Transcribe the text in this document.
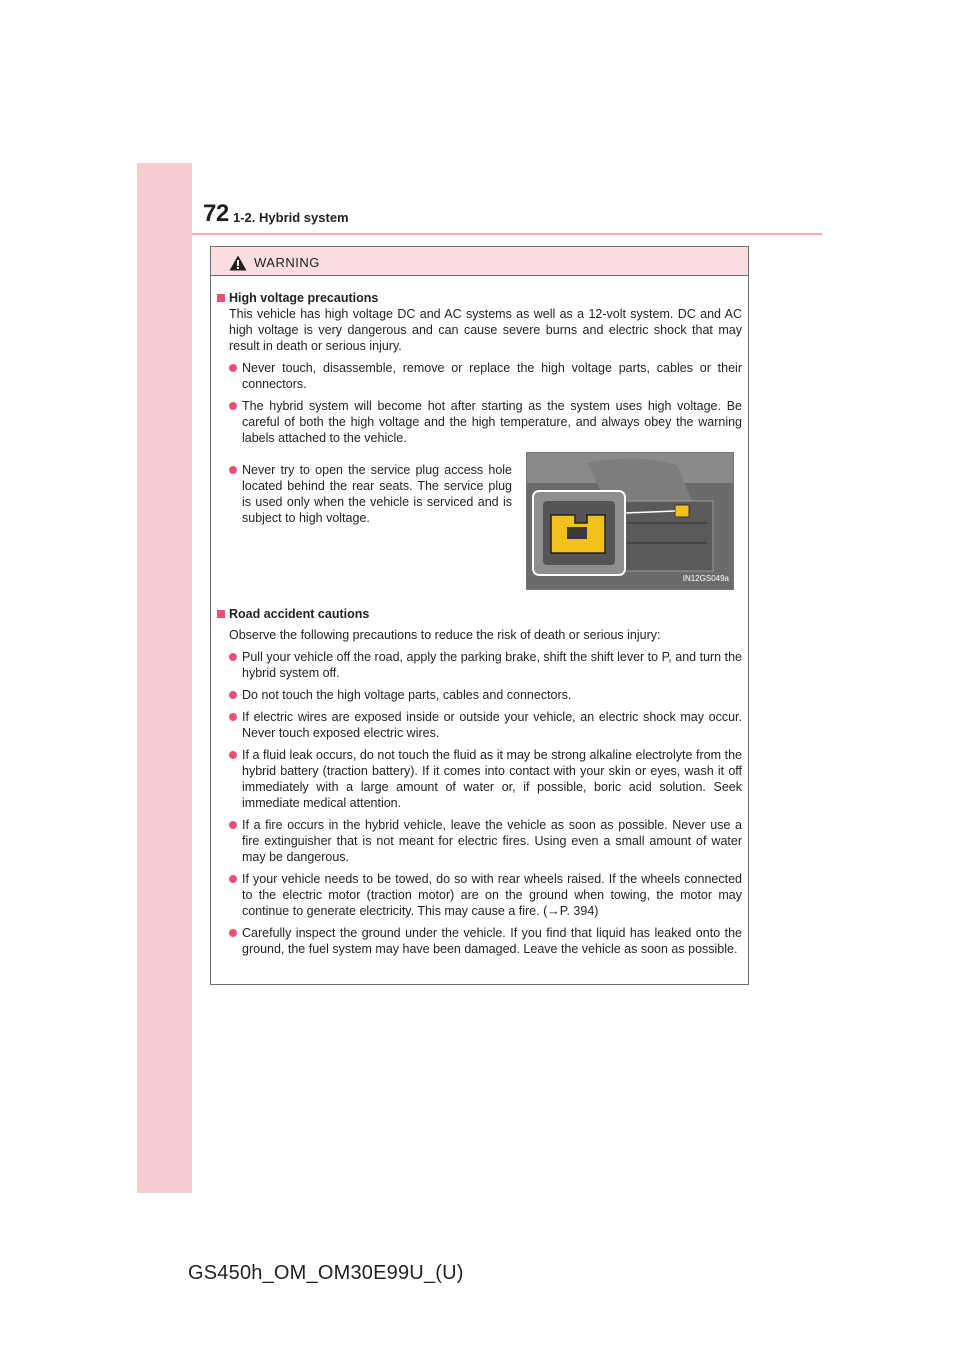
72 1-2. Hybrid system
WARNING
High voltage precautions
This vehicle has high voltage DC and AC systems as well as a 12-volt system. DC and AC high voltage is very dangerous and can cause severe burns and electric shock that may result in death or serious injury.
Never touch, disassemble, remove or replace the high voltage parts, cables or their connectors.
The hybrid system will become hot after starting as the system uses high voltage. Be careful of both the high voltage and the high temperature, and always obey the warning labels attached to the vehicle.
Never try to open the service plug access hole located behind the rear seats. The service plug is used only when the vehicle is serviced and is subject to high voltage.
IN12GS049a
Road accident cautions
Observe the following precautions to reduce the risk of death or serious injury:
Pull your vehicle off the road, apply the parking brake, shift the shift lever to P, and turn the hybrid system off.
Do not touch the high voltage parts, cables and connectors.
If electric wires are exposed inside or outside your vehicle, an electric shock may occur. Never touch exposed electric wires.
If a fluid leak occurs, do not touch the fluid as it may be strong alkaline electrolyte from the hybrid battery (traction battery). If it comes into contact with your skin or eyes, wash it off immediately with a large amount of water or, if possible, boric acid solution. Seek immediate medical attention.
If a fire occurs in the hybrid vehicle, leave the vehicle as soon as possible. Never use a fire extinguisher that is not meant for electric fires. Using even a small amount of water may be dangerous.
If your vehicle needs to be towed, do so with rear wheels raised. If the wheels connected to the electric motor (traction motor) are on the ground when towing, the motor may continue to generate electricity. This may cause a fire. (→P. 394)
Carefully inspect the ground under the vehicle. If you find that liquid has leaked onto the ground, the fuel system may have been damaged. Leave the vehicle as soon as possible.
GS450h_OM_OM30E99U_(U)
